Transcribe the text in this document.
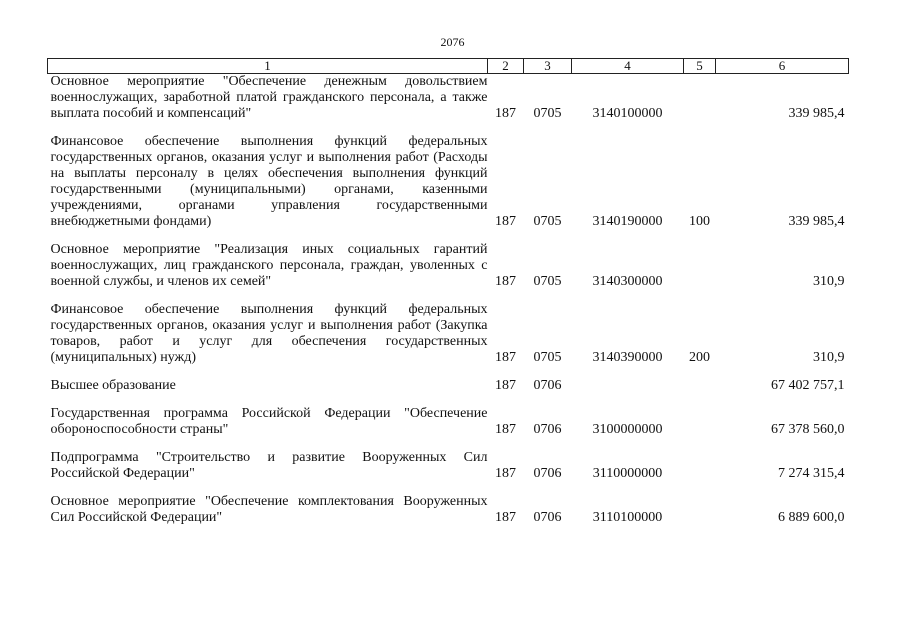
2076
1	2	3	4	5	6
Основное мероприятие "Обеспечение денежным довольствием военнослужащих, заработной платой гражданского персонала, а также выплата пособий и компенсаций"	187	0705	3140100000		339 985,4
Финансовое обеспечение выполнения функций федеральных государственных органов, оказания услуг и выполнения работ (Расходы на выплаты персоналу в целях обеспечения выполнения функций государственными (муниципальными) органами, казенными учреждениями, органами управления государственными внебюджетными фондами)	187	0705	3140190000	100	339 985,4
Основное мероприятие "Реализация иных социальных гарантий военнослужащих, лиц гражданского персонала, граждан, уволенных с военной службы, и членов их семей"	187	0705	3140300000		310,9
Финансовое обеспечение выполнения функций федеральных государственных органов, оказания услуг и выполнения работ (Закупка товаров, работ и услуг для обеспечения государственных (муниципальных) нужд)	187	0705	3140390000	200	310,9
Высшее образование	187	0706			67 402 757,1
Государственная программа Российской Федерации "Обеспечение обороноспособности страны"	187	0706	3100000000		67 378 560,0
Подпрограмма "Строительство и развитие Вооруженных Сил Российской Федерации"	187	0706	3110000000		7 274 315,4
Основное мероприятие "Обеспечение комплектования Вооруженных Сил Российской Федерации"	187	0706	3110100000		6 889 600,0
